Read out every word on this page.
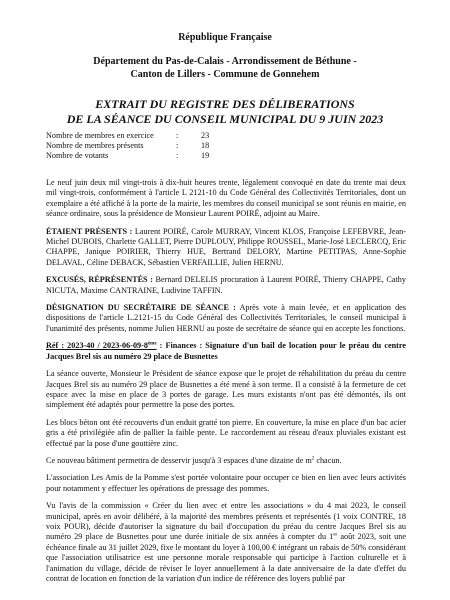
République Française
Département du Pas-de-Calais - Arrondissement de Béthune -
Canton de Lillers - Commune de Gonnehem
EXTRAIT DU REGISTRE DES DÉLIBERATIONS
DE LA SÉANCE DU CONSEIL MUNICIPAL DU 9 JUIN 2023
Nombre de membres en exercice	:	23
Nombre de membres présents	:	18
Nombre de votants	:	19

Le neuf juin deux mil vingt-trois à dix-huit heures trente, légalement convoqué en date du trente mai deux mil vingt-trois, conformément à l'article L 2121-10 du Code Général des Collectivités Territoriales, dont un exemplaire a été affiché à la porte de la mairie, les membres du conseil municipal se sont réunis en mairie, en séance ordinaire, sous la présidence de Monsieur Laurent POIRÉ, adjoint au Maire.

ÉTAIENT PRÉSENTS : Laurent POIRÉ, Carole MURRAY, Vincent KLOS, Françoise LEFEBVRE, Jean-Michel DUBOIS, Charlette GALLET, Pierre DUPLOUY, Philippe ROUSSEL, Marie-José LECLERCQ, Eric CHAPPE, Janique POIRIER, Thierry HUE, Bertrand DELORY, Martine PETITPAS, Anne-Sophie DELAVAL, Céline DEBACK, Sébastien VERFAILLIE, Julien HERNU.

EXCUSÉS, RÉPRÉSENTÉS : Bernard DELELIS procuration à Laurent POIRÉ, Thierry CHAPPE, Cathy NICUTA, Maxime CANTRAINE, Ludivine TAFFIN.

DÉSIGNATION DU SECRÉTAIRE DE SÉANCE : Après vote à main levée, et en application des dispositions de l'article L.2121-15 du Code Général des Collectivités Territoriales, le conseil municipal à l'unanimité des présents, nomme Julien HERNU au poste de secrétaire de séance qui en accepte les fonctions.

Réf : 2023-40 / 2023-06-09-8ème : Finances : Signature d'un bail de location pour le préau du centre Jacques Brel sis au numéro 29 place de Busnettes

La séance ouverte, Monsieur le Président de séance expose que le projet de réhabilitation du préau du centre Jacques Brel sis au numéro 29 place de Busnettes a été mené à son terme. Il a consisté à la fermeture de cet espace avec la mise en place de 3 portes de garage. Les murs existants n'ont pas été démontés, ils ont simplement été adaptés pour permettre la pose des portes.

Les blocs béton ont été recouverts d'un enduit gratté ton pierre. En couverture, la mise en place d'un bac acier gris a été privilégiée afin de pallier la faible pente. Le raccordement au réseau d'eaux pluviales existant est effectué par la pose d'une gouttière zinc.

Ce nouveau bâtiment permettra de desservir jusqu'à 3 espaces d'une dizaine de $m^2$ chacun.

L'association Les Amis de la Pomme s'est portée volontaire pour occuper ce bien en lien avec leurs activités pour notamment y effectuer les opérations de pressage des pommes.

Vu l'avis de la commission « Créer du lien avec et entre les associations » du 4 mai 2023, le conseil municipal, après en avoir délibéré, à la majorité des membres présents et représentés (1 voix CONTRE, 18 voix POUR), décide d'autoriser la signature du bail d'occupation du préau du centre Jacques Brel sis au numéro 29 place de Busnettes pour une durée initiale de six années à compter du 1er août 2023, soit une échéance finale au 31 juillet 2029, fixe le montant du loyer à 100,00 € intégrant un rabais de 50% considérant que l'association utilisatrice est une personne morale responsable qui participe à l'action culturelle et à l'animation du village, décide de réviser le loyer annuellement à la date anniversaire de la date d'effet du contrat de location en fonction de la variation d'un indice de référence des loyers publié par
